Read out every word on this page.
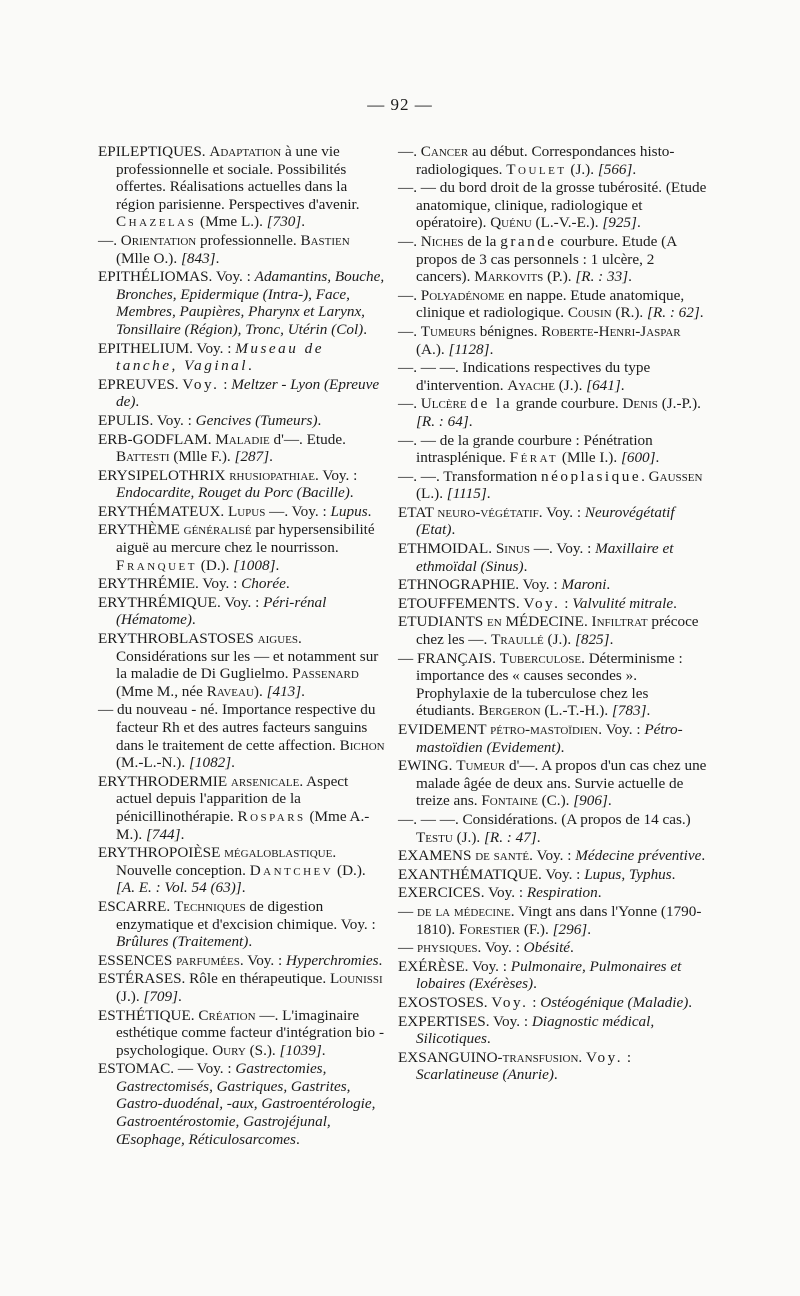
— 92 —

EPILEPTIQUES. Adaptation à une vie professionnelle et sociale. Possibilités offertes. Réalisations actuelles dans la région parisienne. Perspectives d'avenir. Chazelas (Mme L.). [730].

—. Orientation professionnelle. Bastien (Mlle O.). [843].

EPITHÉLIOMAS. Voy. : Adamantins, Bouche, Bronches, Epidermique (Intra-), Face, Membres, Paupières, Pharynx et Larynx, Tonsillaire (Région), Tronc, Utérin (Col).

EPITHELIUM. Voy. : Museau de tanche, Vaginal.

EPREUVES. Voy. : Meltzer - Lyon (Epreuve de).

EPULIS. Voy. : Gencives (Tumeurs).

ERB-GODFLAM. Maladie d'—. Etude. Battesti (Mlle F.). [287].

ERYSIPELOTHRIX rhusiopathiae. Voy. : Endocardite, Rouget du Porc (Bacille).

ERYTHÉMATEUX. Lupus —. Voy. : Lupus.

ERYTHÈME généralisé par hypersensibilité aiguë au mercure chez le nourrisson. Franquet (D.). [1008].

ERYTHRÉMIE. Voy. : Chorée.

ERYTHRÉMIQUE. Voy. : Péri-rénal (Hématome).

ERYTHROBLASTOSES aigues. Considérations sur les — et notamment sur la maladie de Di Guglielmo. Passenard (Mme M., née Raveau). [413].

— du nouveau - né. Importance respective du facteur Rh et des autres facteurs sanguins dans le traitement de cette affection. Bichon (M.-L.-N.). [1082].

ERYTHRODERMIE arsenicale. Aspect actuel depuis l'apparition de la pénicillinothérapie. Rospars (Mme A.-M.). [744].

ERYTHROPOIÈSE mégaloblastique. Nouvelle conception. Dantchev (D.). [A. E. : Vol. 54 (63)].

ESCARRE. Techniques de digestion enzymatique et d'excision chimique. Voy. : Brûlures (Traitement).

ESSENCES parfumées. Voy. : Hyperchromies.

ESTÉRASES. Rôle en thérapeutique. Lounissi (J.). [709].

ESTHÉTIQUE. Création —. L'imaginaire esthétique comme facteur d'intégration bio - psychologique. Oury (S.). [1039].

ESTOMAC. — Voy. : Gastrectomies, Gastrectomisés, Gastriques, Gastrites, Gastro-duodénal, -aux, Gastroentérologie, Gastroentérostomie, Gastrojéjunal, Œsophage, Réticulosarcomes.

—. Cancer au début. Correspondances histo-radiologiques. Toulet (J.). [566].

—. — du bord droit de la grosse tubérosité. (Etude anatomique, clinique, radiologique et opératoire). Quénu (L.-V.-E.). [925].

—. Niches de la grande courbure. Etude (A propos de 3 cas personnels : 1 ulcère, 2 cancers). Markovits (P.). [R. : 33].

—. Polyadénome en nappe. Etude anatomique, clinique et radiologique. Cousin (R.). [R. : 62].

—. Tumeurs bénignes. Roberte-Henri-Jaspar (A.). [1128].

—. — —. Indications respectives du type d'intervention. Ayache (J.). [641].

—. Ulcère de la grande courbure. Denis (J.-P.). [R. : 64].

—. — de la grande courbure : Pénétration intrasplénique. Férat (Mlle I.). [600].

—. —. Transformation néoplasique. Gaussen (L.). [1115].

ETAT neuro-végétatif. Voy. : Neurovégétatif (Etat).

ETHMOIDAL. Sinus —. Voy. : Maxillaire et ethmoïdal (Sinus).

ETHNOGRAPHIE. Voy. : Maroni.

ETOUFFEMENTS. Voy. : Valvulité mitrale.

ETUDIANTS en MÉDECINE. Infiltrat précoce chez les —. Traullé (J.). [825].

— FRANÇAIS. Tuberculose. Déterminisme : importance des « causes secondes ». Prophylaxie de la tuberculose chez les étudiants. Bergeron (L.-T.-H.). [783].

EVIDEMENT pétro-mastoïdien. Voy. : Pétro-mastoïdien (Evidement).

EWING. Tumeur d'—. A propos d'un cas chez une malade âgée de deux ans. Survie actuelle de treize ans. Fontaine (C.). [906].

—. — —. Considérations. (A propos de 14 cas.) Testu (J.). [R. : 47].

EXAMENS de santé. Voy. : Médecine préventive.

EXANTHÉMATIQUE. Voy. : Lupus, Typhus.

EXERCICES. Voy. : Respiration.

— de la médecine. Vingt ans dans l'Yonne (1790-1810). Forestier (F.). [296].

— physiques. Voy. : Obésité.

EXÉRÈSE. Voy. : Pulmonaire, Pulmonaires et lobaires (Exérèses).

EXOSTOSES. Voy. : Ostéogénique (Maladie).

EXPERTISES. Voy. : Diagnostic médical, Silicotiques.

EXSANGUINO-transfusion. Voy. : Scarlatineuse (Anurie).
